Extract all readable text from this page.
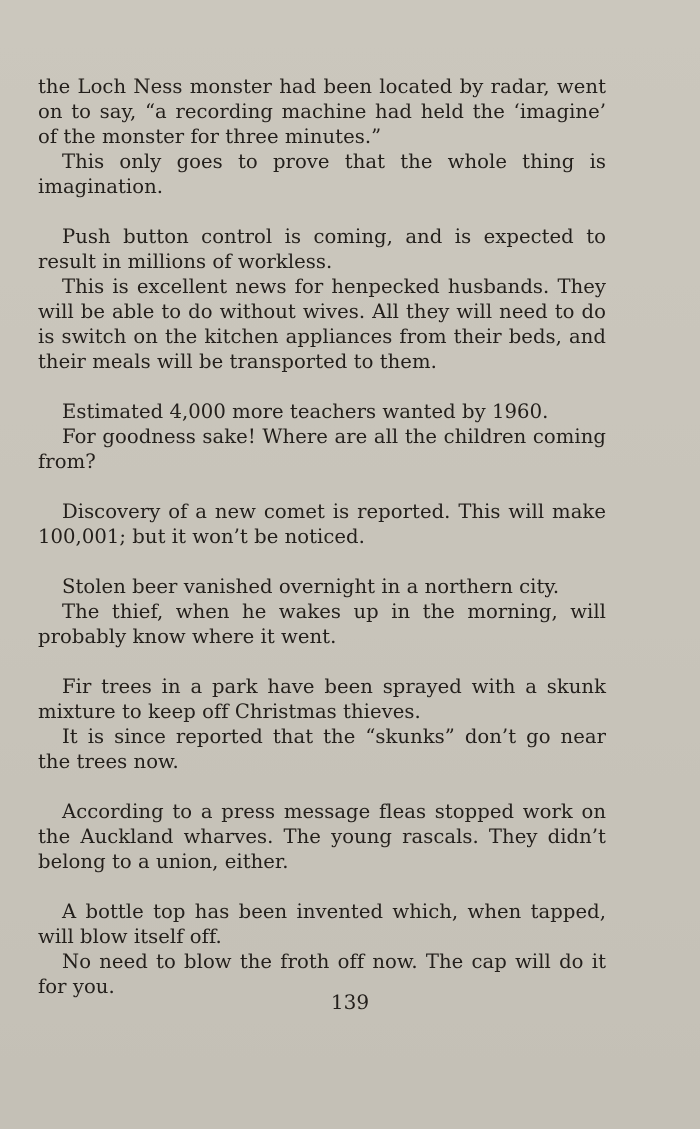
the Loch Ness monster had been located by radar, went on to say, “a recording machine had held the ‘imagine’ of the monster for three minutes.”

This only goes to prove that the whole thing is imagination.

Push button control is coming, and is expected to result in millions of workless.

This is excellent news for henpecked husbands. They will be able to do without wives. All they will need to do is switch on the kitchen appliances from their beds, and their meals will be transported to them.

Estimated 4,000 more teachers wanted by 1960.

For goodness sake! Where are all the children coming from?

Discovery of a new comet is reported. This will make 100,001; but it won’t be noticed.

Stolen beer vanished overnight in a northern city.

The thief, when he wakes up in the morning, will probably know where it went.

Fir trees in a park have been sprayed with a skunk mixture to keep off Christmas thieves.

It is since reported that the “skunks” don’t go near the trees now.

According to a press message fleas stopped work on the Auckland wharves. The young rascals. They didn’t belong to a union, either.

A bottle top has been invented which, when tapped, will blow itself off.

No need to blow the froth off now. The cap will do it for you.

139
